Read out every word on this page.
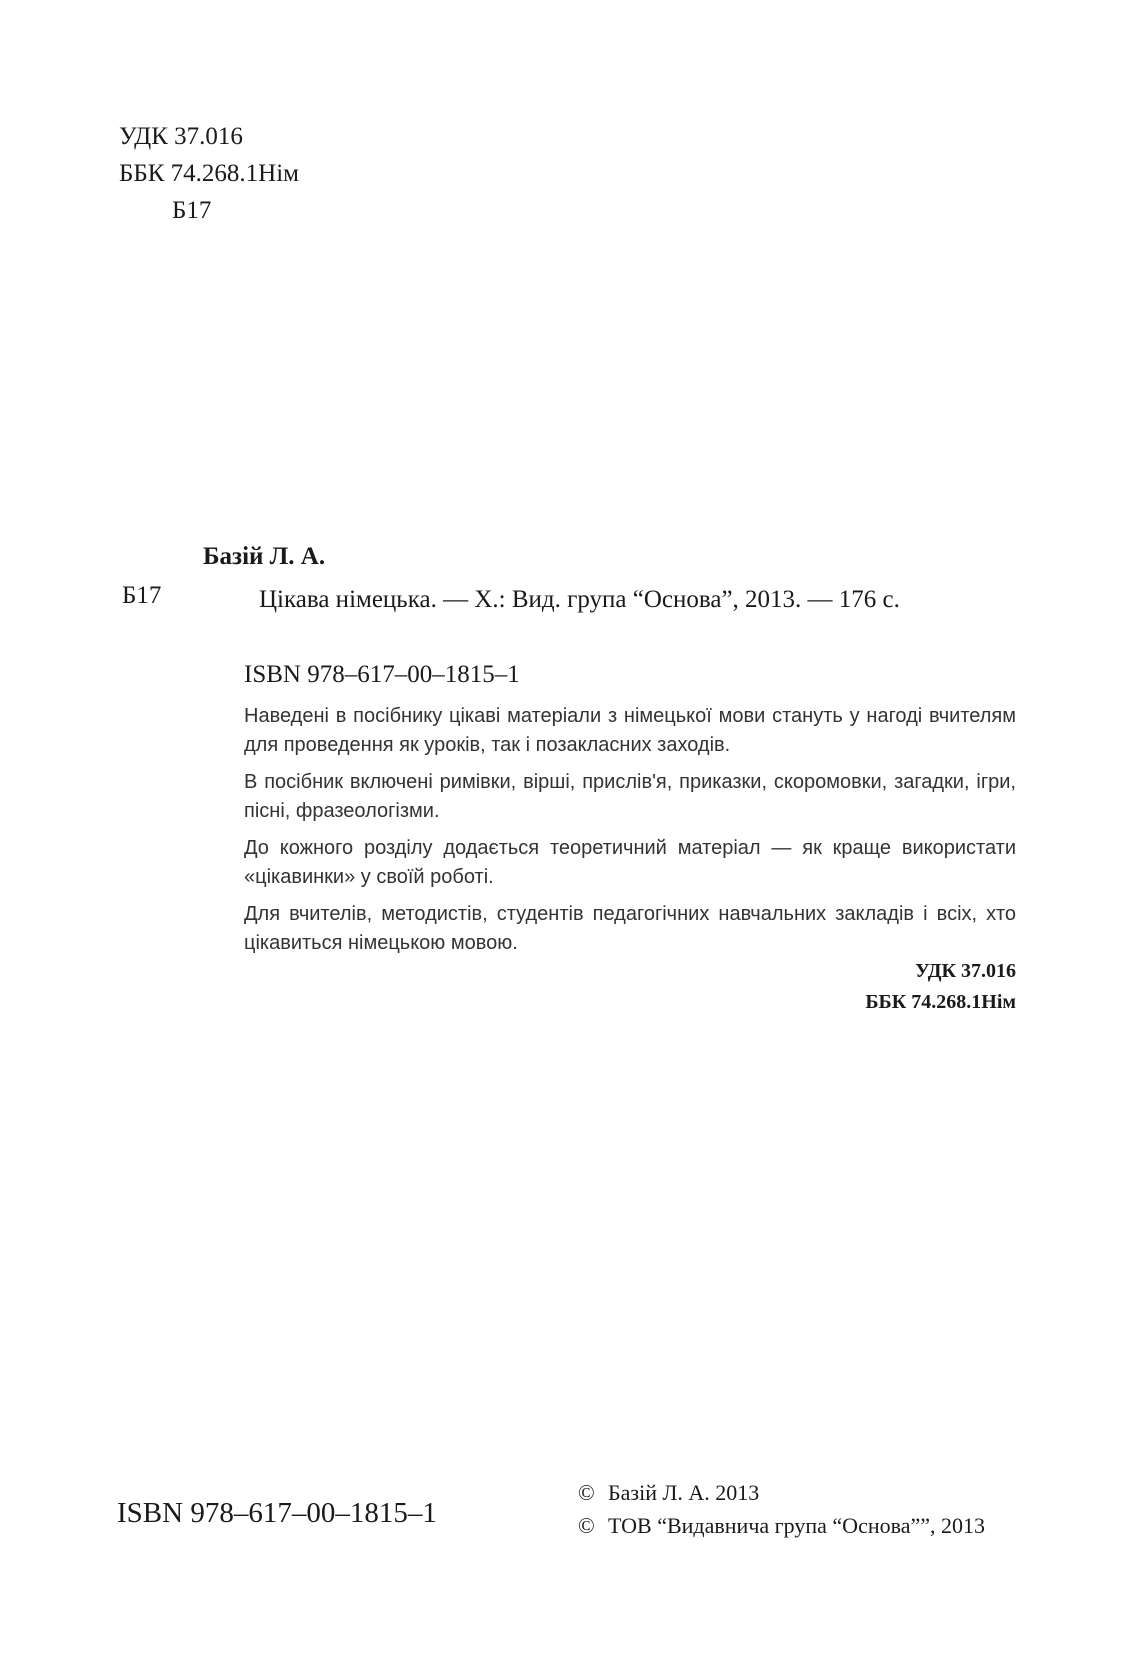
УДК 37.016
ББК 74.268.1Нім
Б17
Базій Л. А.
Б17	Цікава німецька. — Х.: Вид. група “Основа”, 2013. — 176 с.
ISBN 978–617–00–1815–1

Наведені в посібнику цікаві матеріали з німецької мови стануть у нагоді вчителям для проведення як уроків, так і позакласних заходів.

В посібник включені римівки, вірші, прислів'я, приказки, скоромовки, загадки, ігри, пісні, фразеологізми.

До кожного розділу додається теоретичний матеріал — як краще використати «цікавинки» у своїй роботі.

Для вчителів, методистів, студентів педагогічних навчальних закладів і всіх, хто цікавиться німецькою мовою.

УДК 37.016
ББК 74.268.1Нім
ISBN 978–617–00–1815–1
© Базій Л. А. 2013
© ТОВ “Видавнича група “Основа””, 2013
